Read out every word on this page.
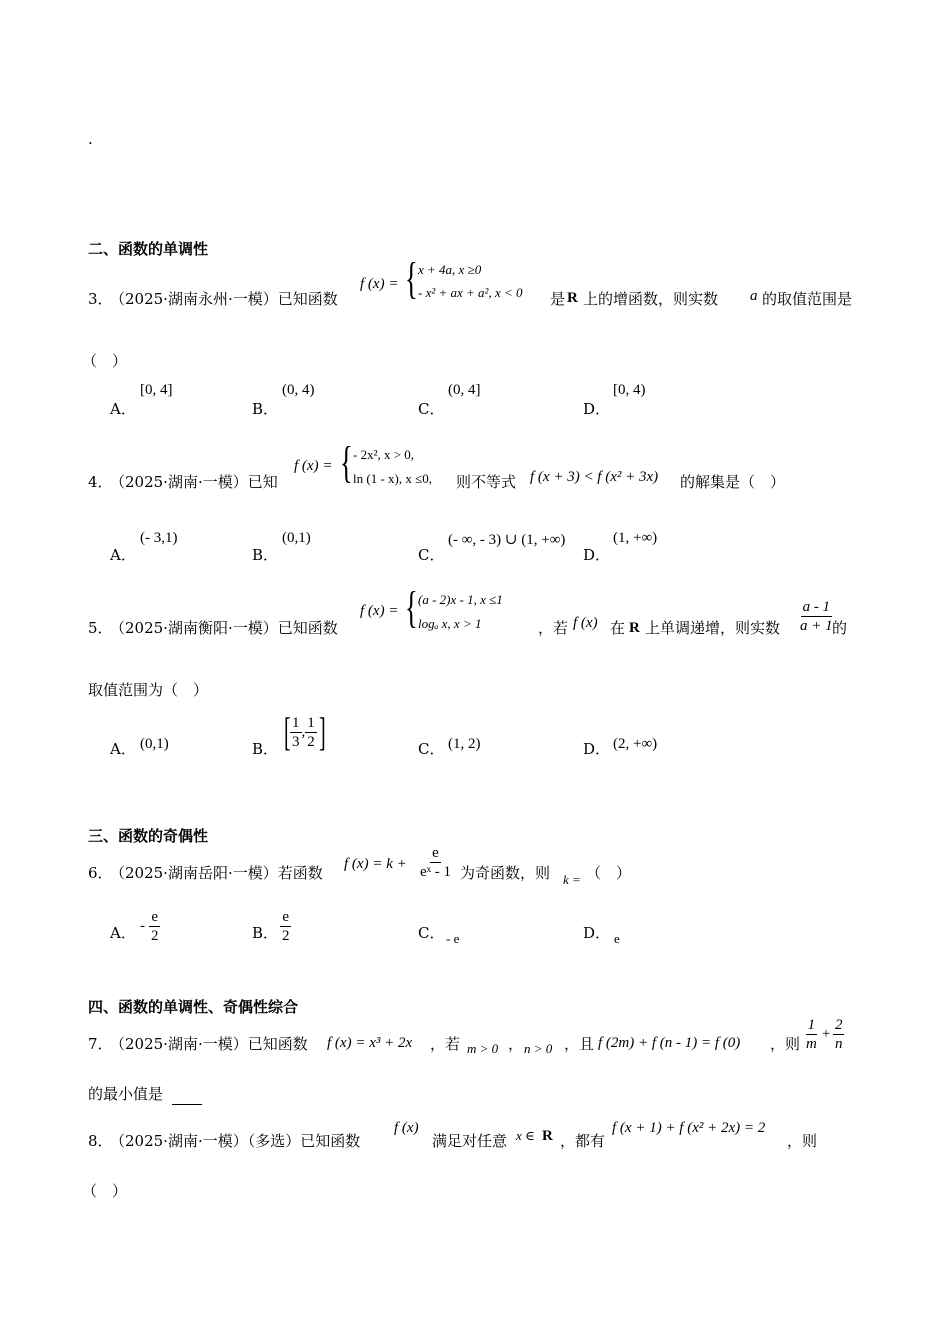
.
二、函数的单调性
3．
（2025·湖南永州·一模）已知函数
f (x) = { x + 4a, x ≥0
- x² + ax + a², x < 0 是 R 上的增函数，则实数 a 的取值范围是
（　）
A．
[0, 4]
B．
(0, 4)
C．
(0, 4]
D．
[0, 4)
4．
（2025·湖南·一模）已知
f (x) = { - 2x², x > 0,
ln (1 - x), x ≤0, 则不等式 f (x + 3) < f (x² + 3x) 的解集是（　）
A．
(- 3,1)
B．
(0,1)
C．
(- ∞, - 3) ∪ (1, +∞)
D．
(1, +∞)
5．
（2025·湖南衡阳·一模）已知函数
f (x) = { (a - 2)x - 1, x ≤1
logₐ x, x > 1	，若 f (x) 在 R 上单调递增，则实数 $\frac{a - 1}{a + 1}$
的
取值范围为（　）
A． (0,1)	B． [ $\frac{1}{3}$ , $\frac{1}{2}$ ]	C． (1, 2)	D． (2, +∞)
三、函数的奇偶性
6．
（2025·湖南岳阳·一模）若函数 f $(x) = k + \frac{e}{\text{eˣ - 1}}$ 为奇函数，则 k = （　）
A． - $\frac{e}{2}$	B． $\frac{e}{2}$	C． - e	D． e
四、函数的单调性、奇偶性综合
7．
（2025·湖南·一模）已知函数 f (x) = x³ + 2x ，若 m > 0 ， n > 0 ，且 f (2m) + f (n - 1) = f (0) ，则 $\frac{1}{m} + \frac{2}{n}$
的最小值是

8．
（2025·湖南·一模）（多选）已知函数
f (x)
满足对任意 x ∈ R ，都有
f (x + 1) + f (x² + 2x) = 2
，则
（　）
